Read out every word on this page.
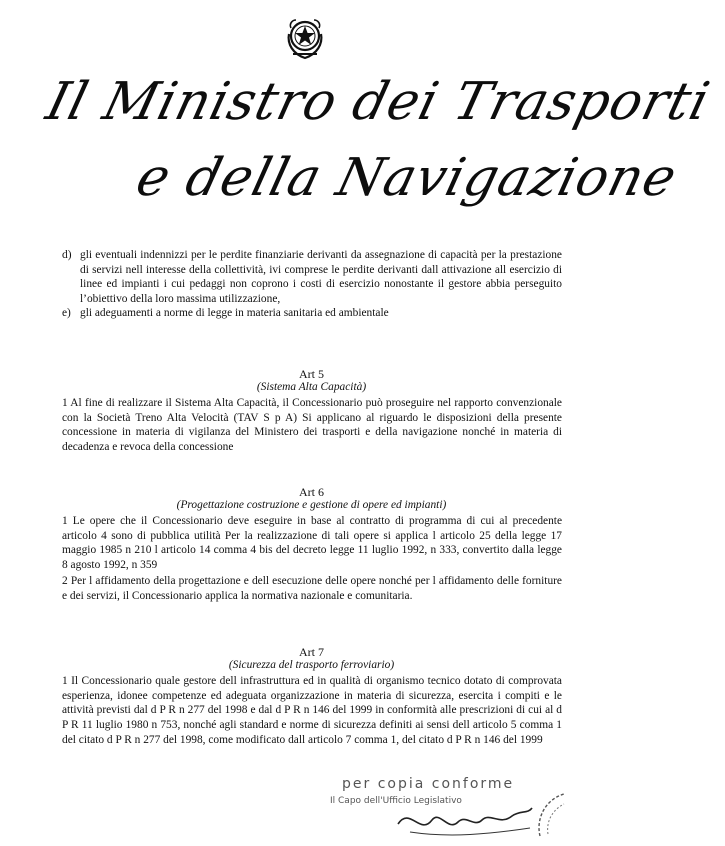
Il Ministro dei Trasporti
e della Navigazione
d) gli eventuali indennizzi per le perdite finanziarie derivanti da assegnazione di capacità per la prestazione di servizi nell interesse della collettività, ivi comprese le perdite derivanti dall attivazione all esercizio di linee ed impianti i cui pedaggi non coprono i costi di esercizio nonostante il gestore abbia perseguito l’obiettivo della loro massima utilizzazione,
e) gli adeguamenti a norme di legge in materia sanitaria ed ambientale
Art 5
(Sistema Alta Capacità)
1 Al fine di realizzare il Sistema Alta Capacità, il Concessionario può proseguire nel rapporto convenzionale con la Società Treno Alta Velocità (TAV S p A) Si applicano al riguardo le disposizioni della presente concessione in materia di vigilanza del Ministero dei trasporti e della navigazione nonché in materia di decadenza e revoca della concessione
Art 6
(Progettazione costruzione e gestione di opere ed impianti)
1 Le opere che il Concessionario deve eseguire in base al contratto di programma di cui al precedente articolo 4 sono di pubblica utilità Per la realizzazione di tali opere si applica l articolo 25 della legge 17 maggio 1985 n 210 l articolo 14 comma 4 bis del decreto legge 11 luglio 1992, n 333, convertito dalla legge 8 agosto 1992, n 359
2 Per l affidamento della progettazione e dell esecuzione delle opere nonché per l affidamento delle forniture e dei servizi, il Concessionario applica la normativa nazionale e comunitaria.
Art 7
(Sicurezza del trasporto ferroviario)
1 Il Concessionario quale gestore dell infrastruttura ed in qualità di organismo tecnico dotato di comprovata esperienza, idonee competenze ed adeguata organizzazione in materia di sicurezza, esercita i compiti e le attività previsti dal d P R n 277 del 1998 e dal d P R n 146 del 1999 in conformità alle prescrizioni di cui al d P R 11 luglio 1980 n 753, nonché agli standard e norme di sicurezza definiti ai sensi dell articolo 5 comma 1 del citato d P R n 277 del 1998, come modificato dall articolo 7 comma 1, del citato d P R n 146 del 1999
per copia conforme
Il Capo dell'Ufficio Legislativo
